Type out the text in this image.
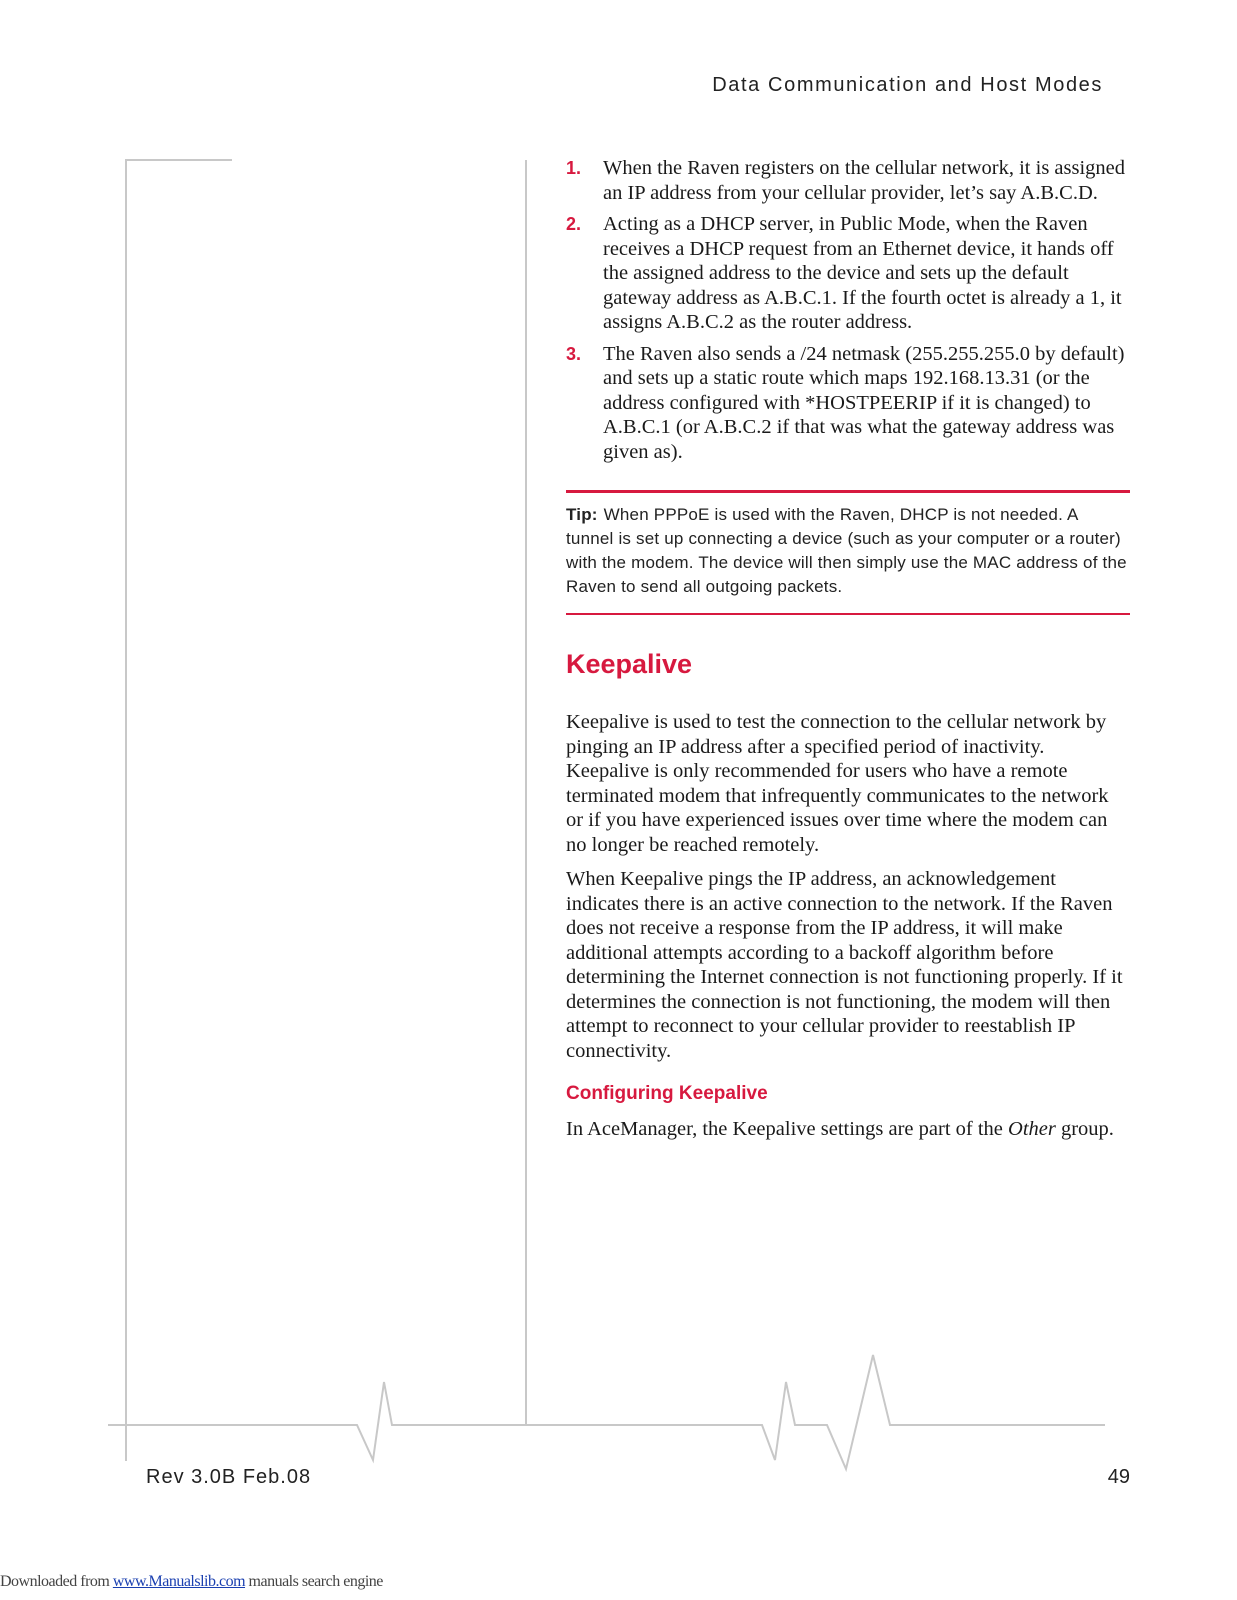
Data Communication and Host Modes
1. When the Raven registers on the cellular network, it is assigned an IP address from your cellular provider, let’s say A.B.C.D.
2. Acting as a DHCP server, in Public Mode, when the Raven receives a DHCP request from an Ethernet device, it hands off the assigned address to the device and sets up the default gateway address as A.B.C.1. If the fourth octet is already a 1, it assigns A.B.C.2 as the router address.
3. The Raven also sends a /24 netmask (255.255.255.0 by default) and sets up a static route which maps 192.168.13.31 (or the address configured with *HOSTPEERIP if it is changed) to A.B.C.1 (or A.B.C.2 if that was what the gateway address was given as).
Tip: When PPPoE is used with the Raven, DHCP is not needed. A tunnel is set up connecting a device (such as your computer or a router) with the modem. The device will then simply use the MAC address of the Raven to send all outgoing packets.
Keepalive

Keepalive is used to test the connection to the cellular network by pinging an IP address after a specified period of inactivity. Keepalive is only recommended for users who have a remote terminated modem that infrequently communicates to the network or if you have experienced issues over time where the modem can no longer be reached remotely.

When Keepalive pings the IP address, an acknowledgement indicates there is an active connection to the network. If the Raven does not receive a response from the IP address, it will make additional attempts according to a backoff algorithm before determining the Internet connection is not functioning properly. If it determines the connection is not functioning, the modem will then attempt to reconnect to your cellular provider to reestablish IP connectivity.

Configuring Keepalive

In AceManager, the Keepalive settings are part of the Other group.

Rev 3.0B Feb.08	49
Downloaded from www.Manualslib.com manuals search engine
